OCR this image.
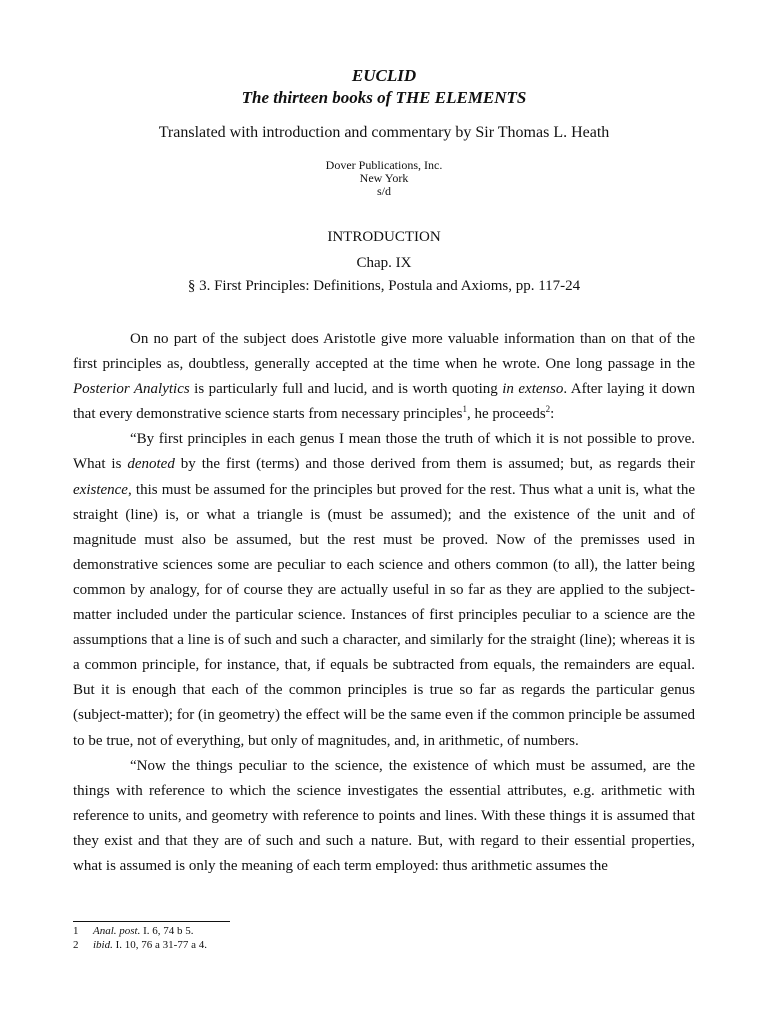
EUCLID
The thirteen books of THE ELEMENTS
Translated with introduction and commentary by Sir Thomas L. Heath
Dover Publications, Inc.
New York
s/d
INTRODUCTION
Chap. IX
§ 3. First Principles: Definitions, Postula and Axioms, pp. 117-24

On no part of the subject does Aristotle give more valuable information than on that of the first principles as, doubtless, generally accepted at the time when he wrote. One long passage in the Posterior Analytics is particularly full and lucid, and is worth quoting in extenso. After laying it down that every demonstrative science starts from necessary principles$^1$, he proceeds$^2$:

“By first principles in each genus I mean those the truth of which it is not possible to prove. What is denoted by the first (terms) and those derived from them is assumed; but, as regards their existence, this must be assumed for the principles but proved for the rest. Thus what a unit is, what the straight (line) is, or what a triangle is (must be assumed); and the existence of the unit and of magnitude must also be assumed, but the rest must be proved. Now of the premisses used in demonstrative sciences some are peculiar to each science and others common (to all), the latter being common by analogy, for of course they are actually useful in so far as they are applied to the subject-matter included under the particular science. Instances of first principles peculiar to a science are the assumptions that a line is of such and such a character, and similarly for the straight (line); whereas it is a common principle, for instance, that, if equals be subtracted from equals, the remainders are equal. But it is enough that each of the common principles is true so far as regards the particular genus (subject-matter); for (in geometry) the effect will be the same even if the common principle be assumed to be true, not of everything, but only of magnitudes, and, in arithmetic, of numbers.

“Now the things peculiar to the science, the existence of which must be assumed, are the things with reference to which the science investigates the essential attributes, e.g. arithmetic with reference to units, and geometry with reference to points and lines. With these things it is assumed that they exist and that they are of such and such a nature. But, with regard to their essential properties, what is assumed is only the meaning of each term employed: thus arithmetic assumes the

1 Anal. post. I. 6, 74 b 5.
2 ibid. I. 10, 76 a 31-77 a 4.
